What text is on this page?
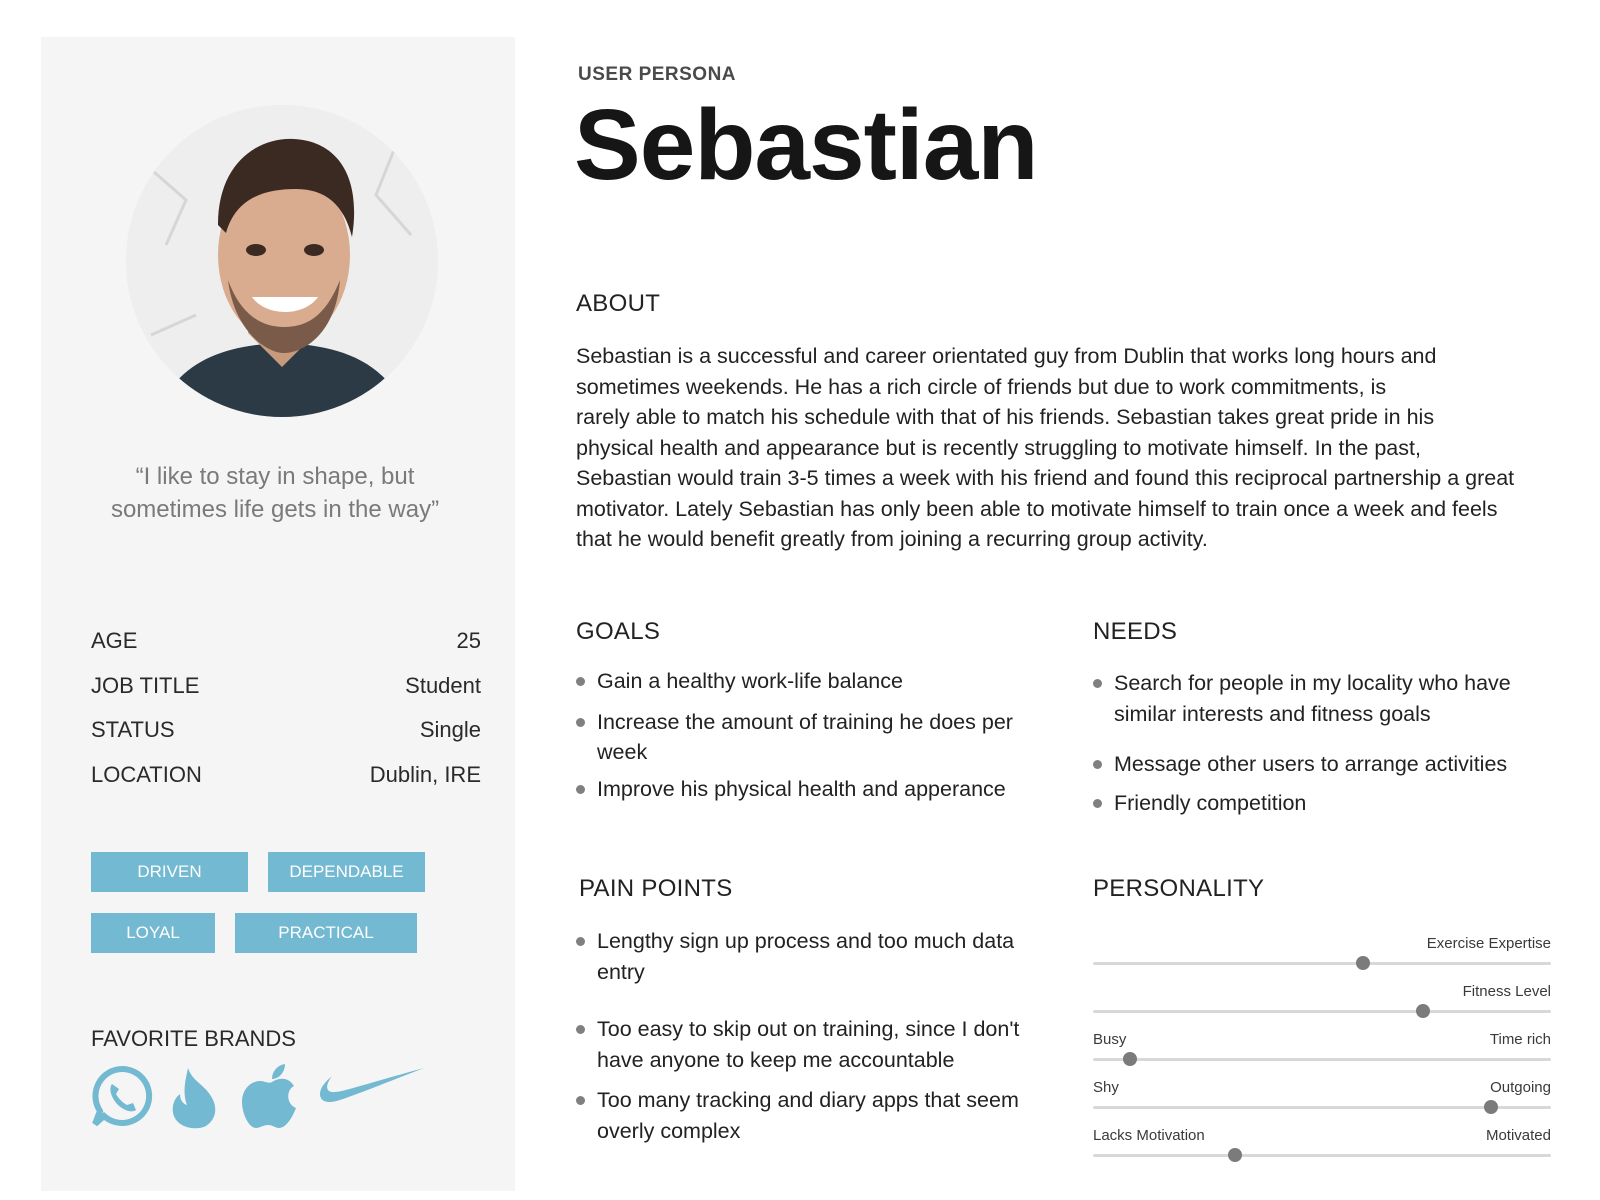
“I like to stay in shape, but sometimes life gets in the way”
AGE	25
JOB TITLE	Student
STATUS	Single
LOCATION	Dublin, IRE
DRIVEN	DEPENDABLE
LOYAL	PRACTICAL
FAVORITE BRANDS
USER PERSONA
Sebastian
ABOUT
Sebastian is a successful and career orientated guy from Dublin that works long hours and
sometimes weekends. He has a rich circle of friends but due to work commitments, is
rarely able to match his schedule with that of his friends. Sebastian takes great pride in his
physical health and appearance but is recently struggling to motivate himself. In the past,
Sebastian would train 3-5 times a week with his friend and found this reciprocal partnership a great
motivator. Lately Sebastian has only been able to motivate himself to train once a week and feels
that he would benefit greatly from joining a recurring group activity.
GOALS
Gain a healthy work-life balance
Increase the amount of training he does per week
Improve his physical health and apperance
NEEDS
Search for people in my locality who have similar interests and fitness goals
Message other users to arrange activities
Friendly competition
PAIN POINTS
Lengthy sign up process and too much data entry
Too easy to skip out on training, since I don't have anyone to keep me accountable
Too many tracking and diary apps that seem overly complex
PERSONALITY
Exercise Expertise
Fitness Level
Busy	Time rich
Shy	Outgoing
Lacks Motivation	Motivated
